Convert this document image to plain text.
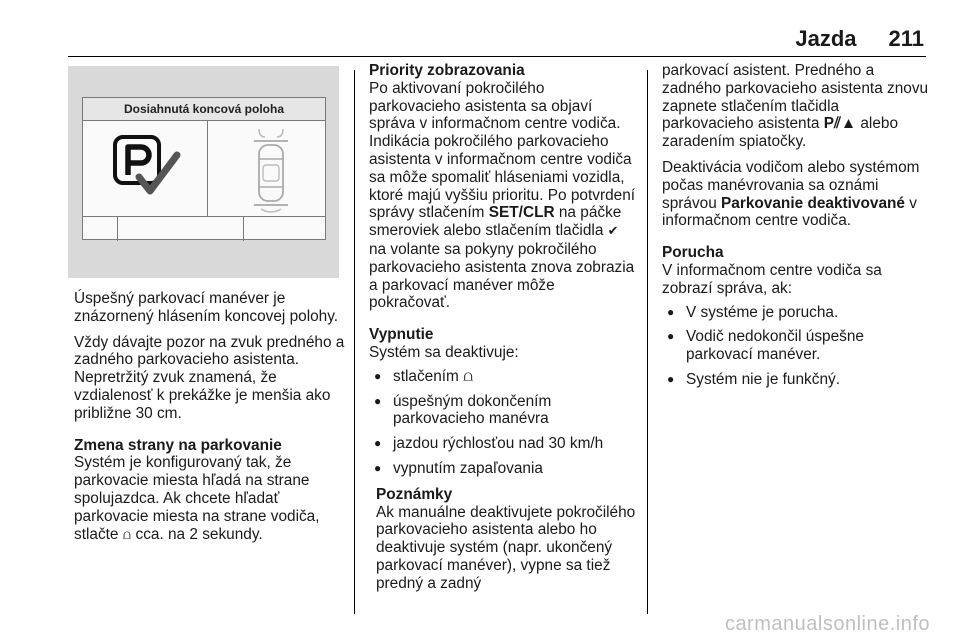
Jazda 211
Dosiahnutá koncová poloha

Úspešný parkovací manéver je znázornený hlásením koncovej polohy.

Vždy dávajte pozor na zvuk predného a zadného parkovacieho asistenta. Nepretržitý zvuk znamená, že vzdialenosť k prekážke je menšia ako približne 30 cm.

Zmena strany na parkovanie

Systém je konfigurovaný tak, že parkovacie miesta hľadá na strane spolujazdca. Ak chcete hľadať parkovacie miesta na strane vodiča, stlačte ⩍ cca. na 2 sekundy.

Priority zobrazovania

Po aktivovaní pokročilého parkovacieho asistenta sa objaví správa v informačnom centre vodiča. Indikácia pokročilého parkovacieho asistenta v informačnom centre vodiča sa môže spomaliť hláseniami vozidla, ktoré majú vyššiu prioritu. Po potvrdení správy stlačením SET/CLR na páčke smeroviek alebo stlačením tlačidla ✔ na volante sa pokyny pokročilého parkovacieho asistenta znova zobrazia a parkovací manéver môže pokračovať.

Vypnutie

Systém sa deaktivuje:

● stlačením ⩍
● úspešným dokončením parkovacieho manévra
● jazdou rýchlosťou nad 30 km/h
● vypnutím zapaľovania
Poznámky

Ak manuálne deaktivujete pokročilého parkovacieho asistenta alebo ho deaktivuje systém (napr. ukončený parkovací manéver), vypne sa tiež predný a zadný

parkovací asistent. Predného a zadného parkovacieho asistenta znovu zapnete stlačením tlačidla parkovacieho asistenta P⫽▲ alebo zaradením spiatočky.

Deaktivácia vodičom alebo systémom počas manévrovania sa oznámi správou Parkovanie deaktivované v informačnom centre vodiča.

Porucha

V informačnom centre vodiča sa zobrazí správa, ak:

● V systéme je porucha.
● Vodič nedokončil úspešne parkovací manéver.
● Systém nie je funkčný.
carmanualsonline.info
